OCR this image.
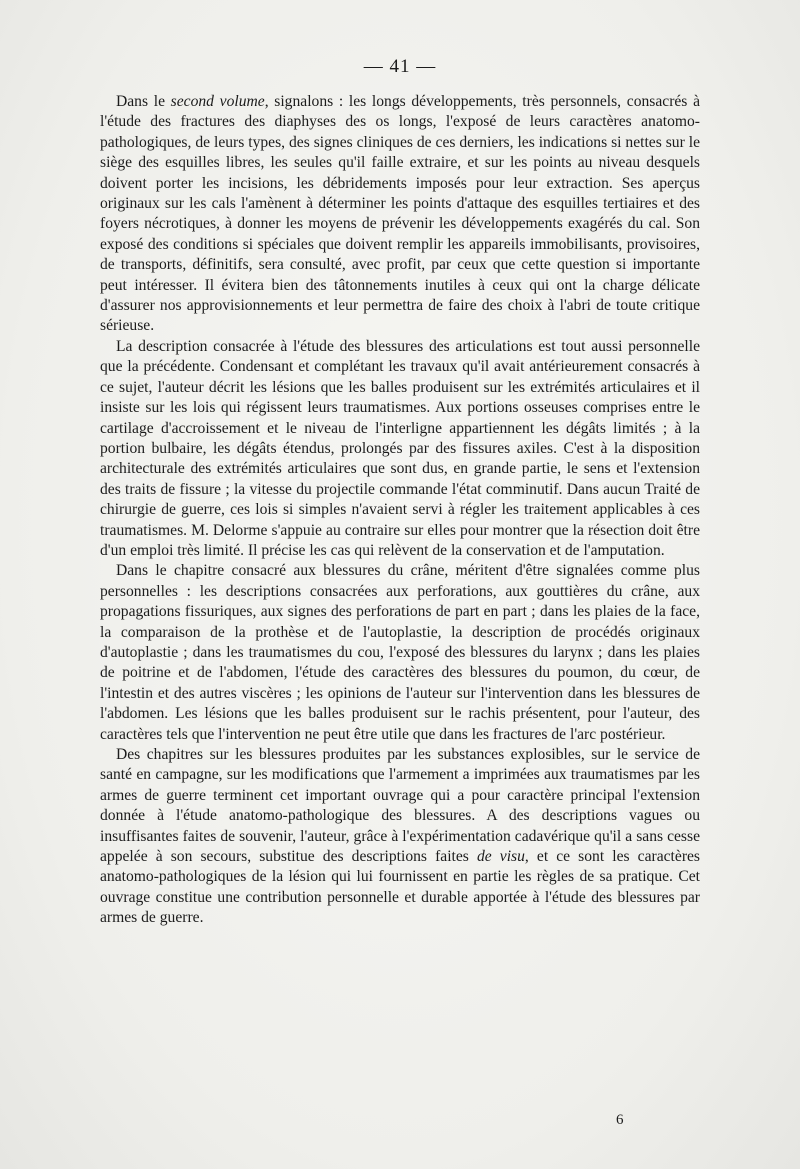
— 41 —

Dans le second volume, signalons : les longs développements, très personnels, consacrés à l'étude des fractures des diaphyses des os longs, l'exposé de leurs caractères anatomo-pathologiques, de leurs types, des signes cliniques de ces derniers, les indications si nettes sur le siège des esquilles libres, les seules qu'il faille extraire, et sur les points au niveau desquels doivent porter les incisions, les débridements imposés pour leur extraction. Ses aperçus originaux sur les cals l'amènent à déterminer les points d'attaque des esquilles tertiaires et des foyers nécrotiques, à donner les moyens de prévenir les développements exagérés du cal. Son exposé des conditions si spéciales que doivent remplir les appareils immobilisants, provisoires, de transports, définitifs, sera consulté, avec profit, par ceux que cette question si importante peut intéresser. Il évitera bien des tâtonnements inutiles à ceux qui ont la charge délicate d'assurer nos approvisionnements et leur permettra de faire des choix à l'abri de toute critique sérieuse.

La description consacrée à l'étude des blessures des articulations est tout aussi personnelle que la précédente. Condensant et complétant les travaux qu'il avait antérieurement consacrés à ce sujet, l'auteur décrit les lésions que les balles produisent sur les extrémités articulaires et il insiste sur les lois qui régissent leurs traumatismes. Aux portions osseuses comprises entre le cartilage d'accroissement et le niveau de l'interligne appartiennent les dégâts limités ; à la portion bulbaire, les dégâts étendus, prolongés par des fissures axiles. C'est à la disposition architecturale des extrémités articulaires que sont dus, en grande partie, le sens et l'extension des traits de fissure ; la vitesse du projectile commande l'état comminutif. Dans aucun Traité de chirurgie de guerre, ces lois si simples n'avaient servi à régler les traitement applicables à ces traumatismes. M. Delorme s'appuie au contraire sur elles pour montrer que la résection doit être d'un emploi très limité. Il précise les cas qui relèvent de la conservation et de l'amputation.

Dans le chapitre consacré aux blessures du crâne, méritent d'être signalées comme plus personnelles : les descriptions consacrées aux perforations, aux gouttières du crâne, aux propagations fissuriques, aux signes des perforations de part en part ; dans les plaies de la face, la comparaison de la prothèse et de l'autoplastie, la description de procédés originaux d'autoplastie ; dans les traumatismes du cou, l'exposé des blessures du larynx ; dans les plaies de poitrine et de l'abdomen, l'étude des caractères des blessures du poumon, du cœur, de l'intestin et des autres viscères ; les opinions de l'auteur sur l'intervention dans les blessures de l'abdomen. Les lésions que les balles produisent sur le rachis présentent, pour l'auteur, des caractères tels que l'intervention ne peut être utile que dans les fractures de l'arc postérieur.

Des chapitres sur les blessures produites par les substances explosibles, sur le service de santé en campagne, sur les modifications que l'armement a imprimées aux traumatismes par les armes de guerre terminent cet important ouvrage qui a pour caractère principal l'extension donnée à l'étude anatomo-pathologique des blessures. A des descriptions vagues ou insuffisantes faites de souvenir, l'auteur, grâce à l'expérimentation cadavérique qu'il a sans cesse appelée à son secours, substitue des descriptions faites de visu, et ce sont les caractères anatomo-pathologiques de la lésion qui lui fournissent en partie les règles de sa pratique. Cet ouvrage constitue une contribution personnelle et durable apportée à l'étude des blessures par armes de guerre.

6
